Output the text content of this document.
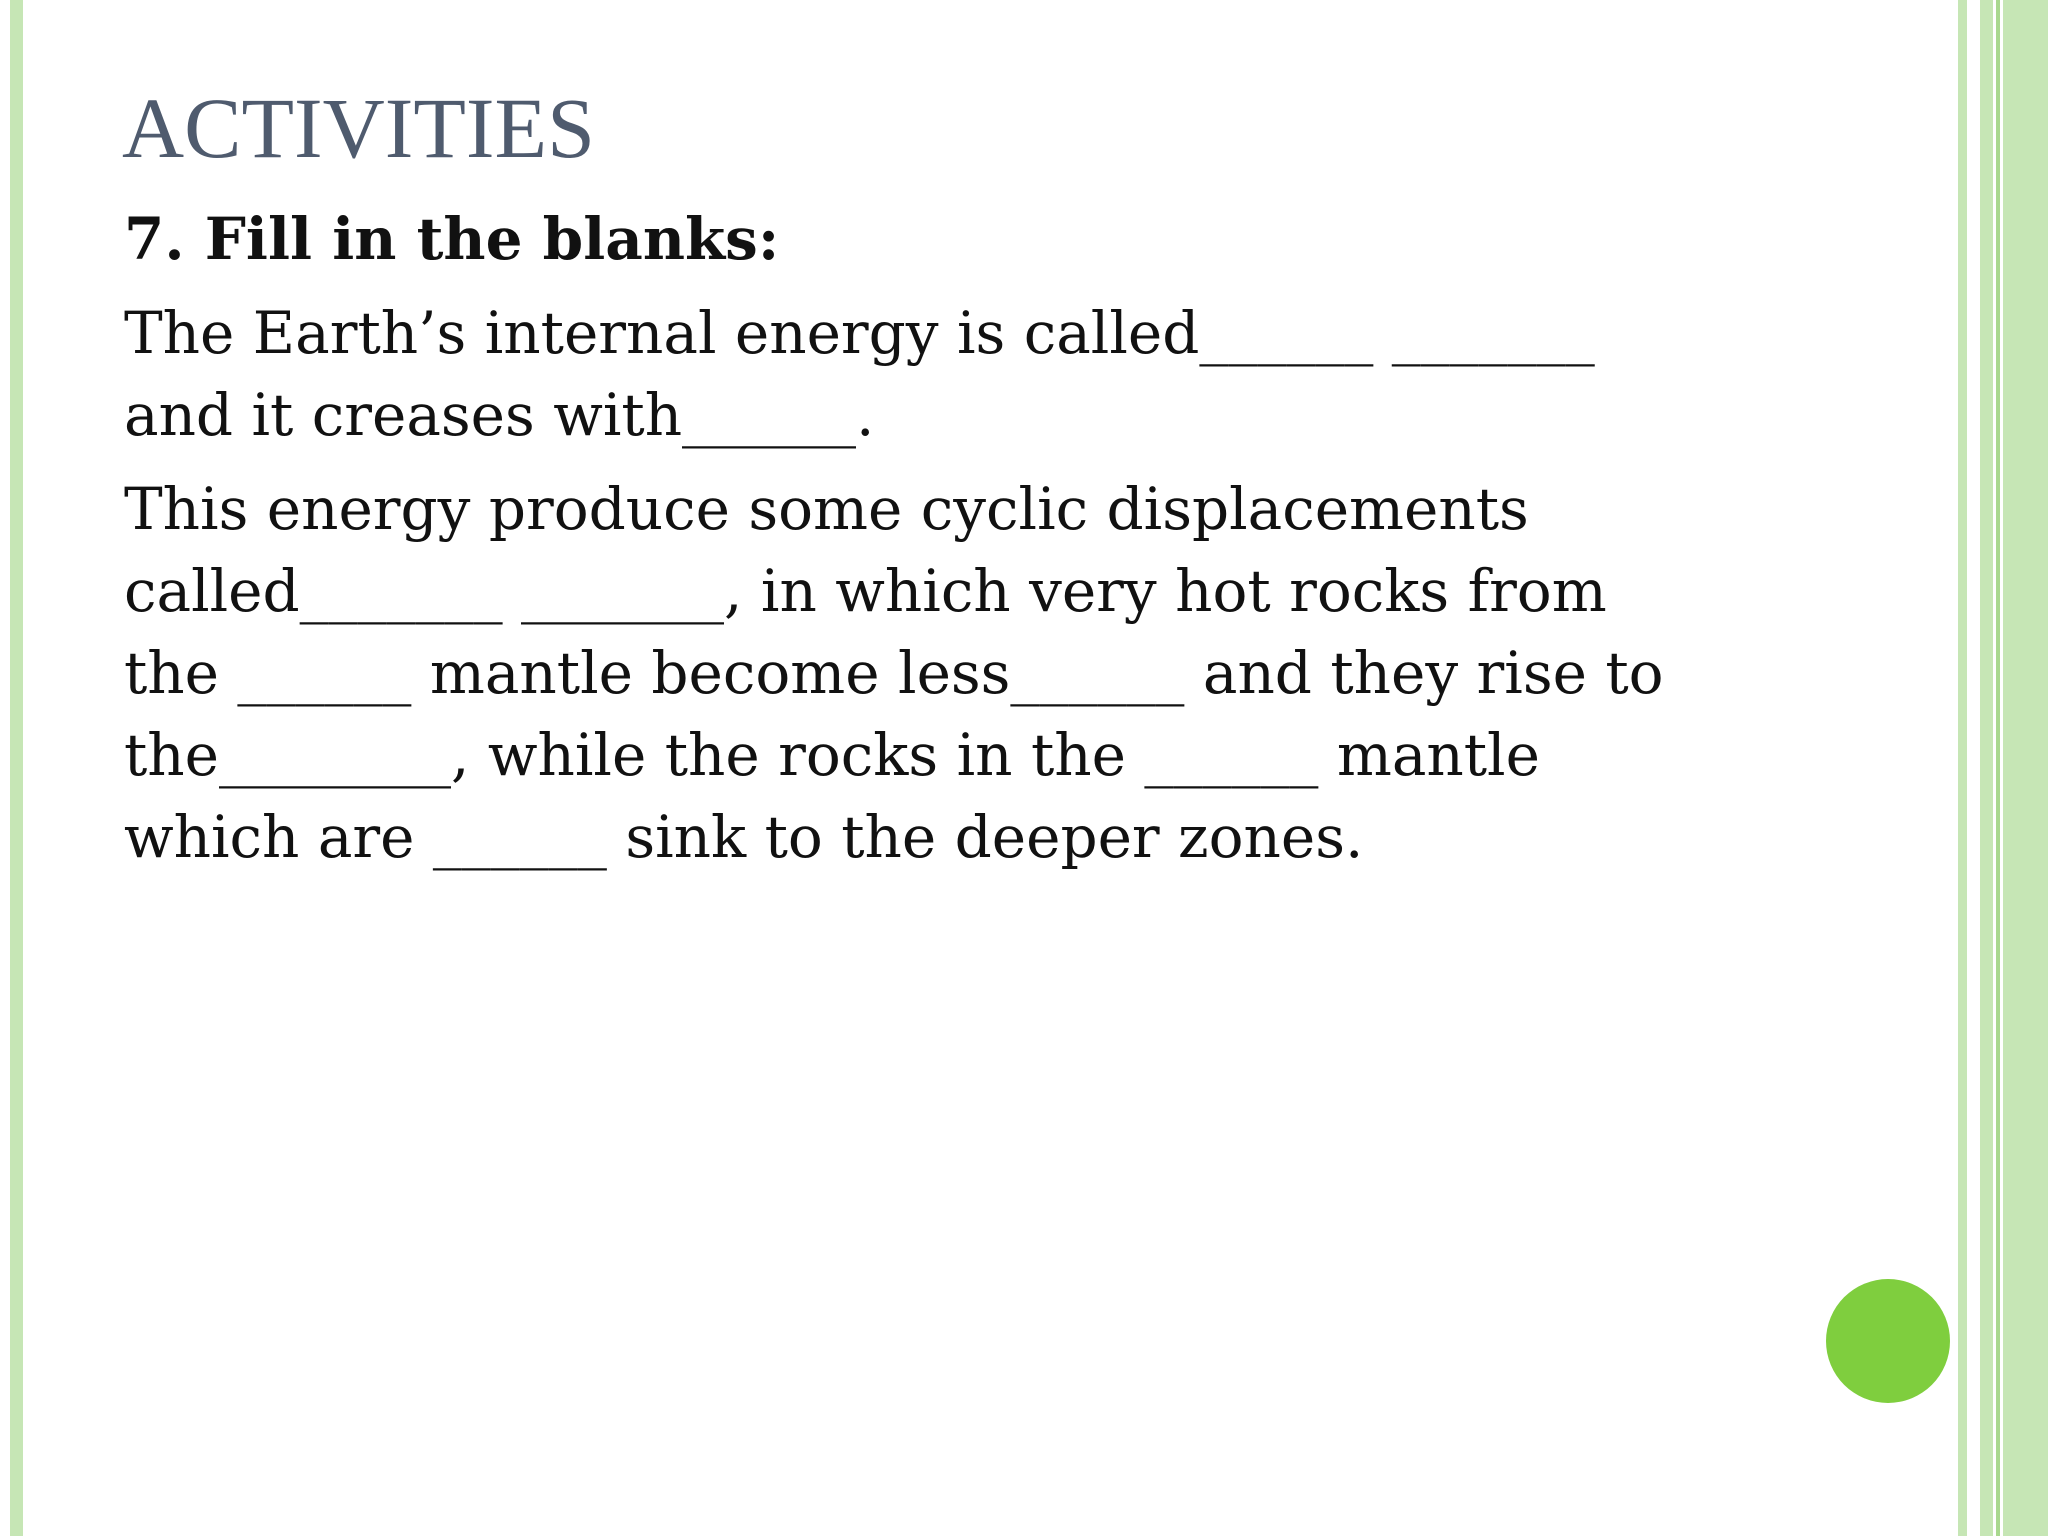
ACTIVITIES

7. Fill in the blanks:

The Earth’s internal energy is called______ _______
and it creases with______.

This energy produce some cyclic displacements
called_______ _______, in which very hot rocks from
the ______ mantle become less______ and they rise to
the________, while the rocks in the ______ mantle
which are ______ sink to the deeper zones.
